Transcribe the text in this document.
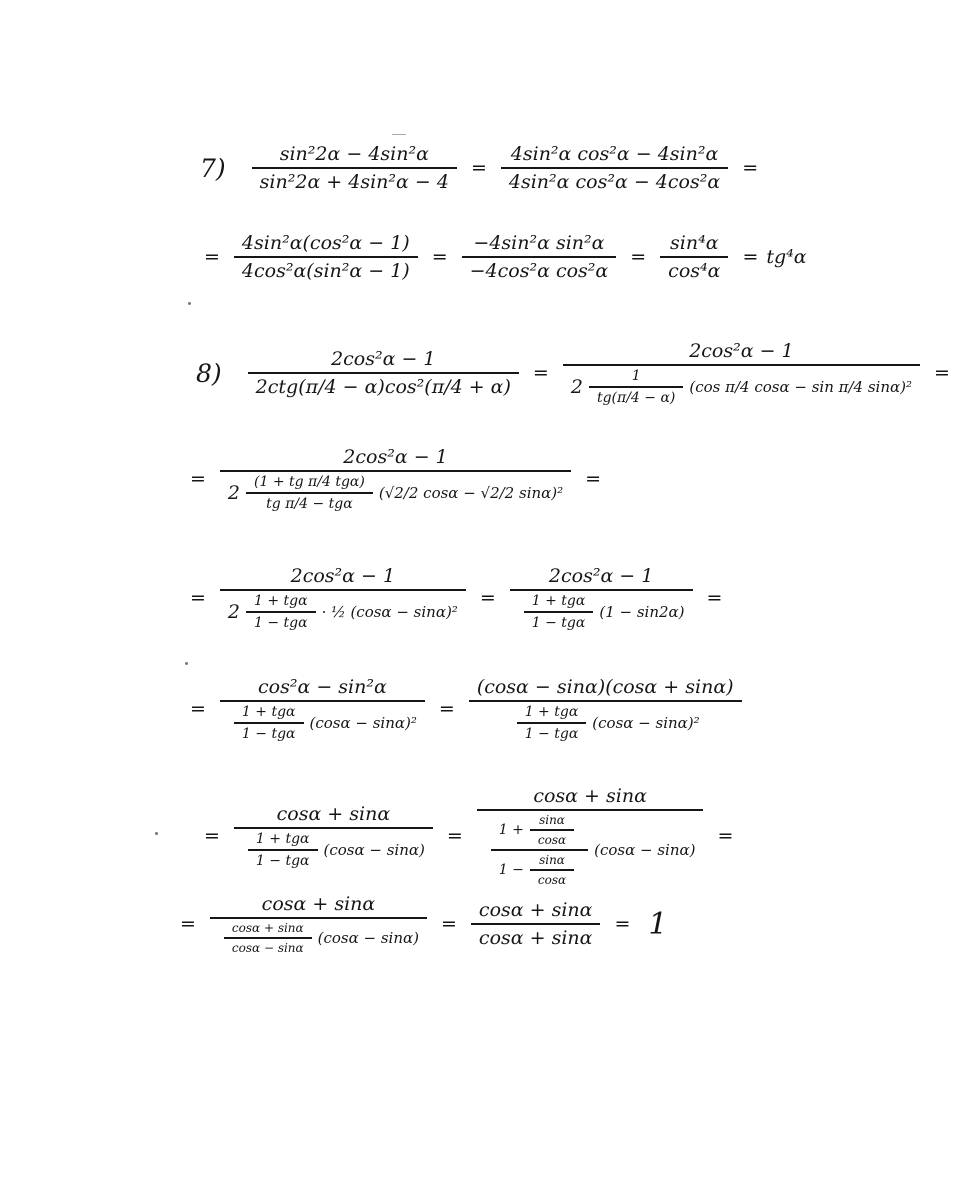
$7) \frac{\text{sin²2α − 4sin²α}}{\text{sin²2α + 4sin²α − 4}} = \frac{\text{4sin²α cos²α − 4sin²α}}{\text{4sin²α cos²α − 4cos²α}}$ =
= $\frac{\text{4sin²α(cos²α − 1)}}{\text{4cos²α(sin²α − 1)}} = \frac{\text{−4sin²α sin²α}}{\text{−4cos²α cos²α}} = \frac{\text{sin⁴α}}{\text{cos⁴α}} = tg^4\alpha$
$8) \frac{\text{2cos²α − 1}}{\text{2ctg(π/4 − α)cos²(π/4 + α)}}$ =
2cos²α − 1
$2 \frac{1}{tg(\pi/4 - \alpha)} (\cos$ π/4 cosα − sin π/4 sinα)²
=
=
2cos²α − 1
$2 \frac{\text{(1 + tg π/4 tgα)}}{\text{tg π/4 − tgα}} (√2/2$ cosα − √2/2 sinα)²
=
=
2cos²α − 1
$2 \frac{\text{1 + tgα}}{\text{1 − tgα}}$ · ½ (cosα − sinα)²
=
2cos²α − 1
$\frac{\text{1 + tgα}}{\text{1 − tgα}} (1 - \sin 2\alpha)$
=
=
cos²α − sin²α
$\frac{\text{1 + tgα}}{\text{1 − tgα}} (\cos\alpha - \sin\alpha)^2$
=
(cosα − sinα)(cosα + sinα)
$\frac{\text{1 + tgα}}{\text{1 − tgα}} (\cos\alpha - \sin\alpha)^2$
=
cosα + sinα
$\frac{\text{1 + tgα}}{\text{1 − tgα}} (\cos\alpha - \sin\alpha)$
=
cosα + sinα
$1 + \frac{\sin\alpha}{\cos\alpha}$
$1 - \frac{\sin\alpha}{\cos\alpha}$
(cosα − sinα)
=
=
cosα + sinα
$\frac{\cos\alpha + \sin\alpha}{\cos\alpha - \sin\alpha} (\cos\alpha - \sin\alpha)$
= $\frac{\cos\alpha + \sin\alpha}{\cos\alpha + \sin\alpha} = 1$
